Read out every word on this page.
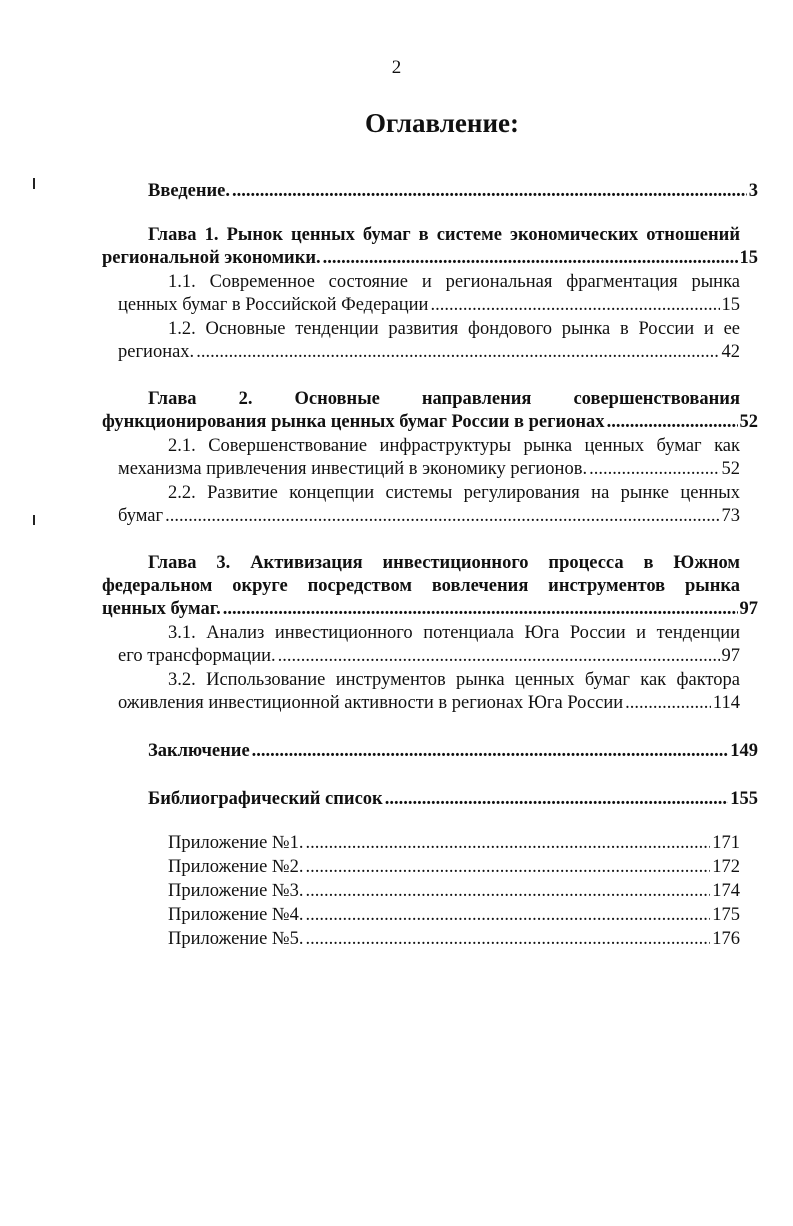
2
Оглавление:
Введение. .....	3
Глава 1. Рынок ценных бумаг в системе экономических отношений
региональной экономики. .....	15
1.1. Современное состояние и региональная фрагментация рынка
ценных бумаг в Российской Федерации .....	15
1.2. Основные тенденции развития фондового рынка в России и ее
регионах. .....	42
Глава 2. Основные направления совершенствования
функционирования рынка ценных бумаг России в регионах .....	52
2.1. Совершенствование инфраструктуры рынка ценных бумаг как
механизма привлечения инвестиций в экономику регионов. .....	52
2.2. Развитие концепции системы регулирования на рынке ценных
бумаг .....	73
Глава 3. Активизация инвестиционного процесса в Южном
федеральном округе посредством вовлечения инструментов рынка
ценных бумаг. .....	97
3.1. Анализ инвестиционного потенциала Юга России и тенденции
его трансформации. .....	97
3.2. Использование инструментов рынка ценных бумаг как фактора
оживления инвестиционной активности в регионах Юга России .....	114
Заключение .....	149
Библиографический список .....	155
Приложение №1. .....	171
Приложение №2. .....	172
Приложение №3. .....	174
Приложение №4. .....	175
Приложение №5. .....	176
